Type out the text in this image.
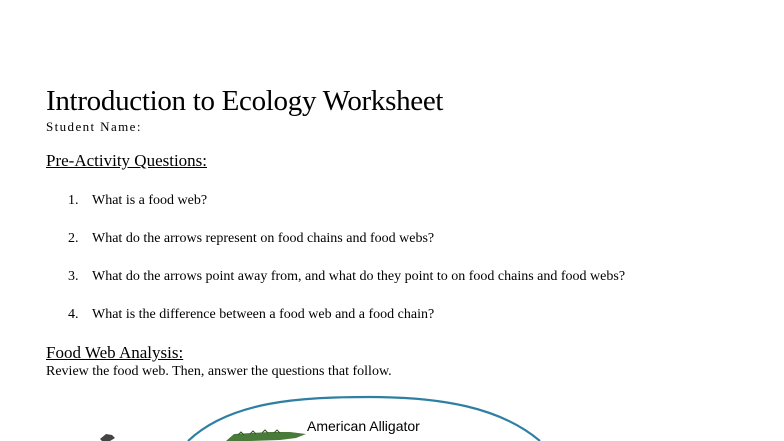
Introduction to Ecology Worksheet
Student Name:
Pre-Activity Questions:
1. What is a food web?
2. What do the arrows represent on food chains and food webs?
3. What do the arrows point away from, and what do they point to on food chains and food webs?
4. What is the difference between a food web and a food chain?
Food Web Analysis:
Review the food web. Then, answer the questions that follow.
American Alligator
